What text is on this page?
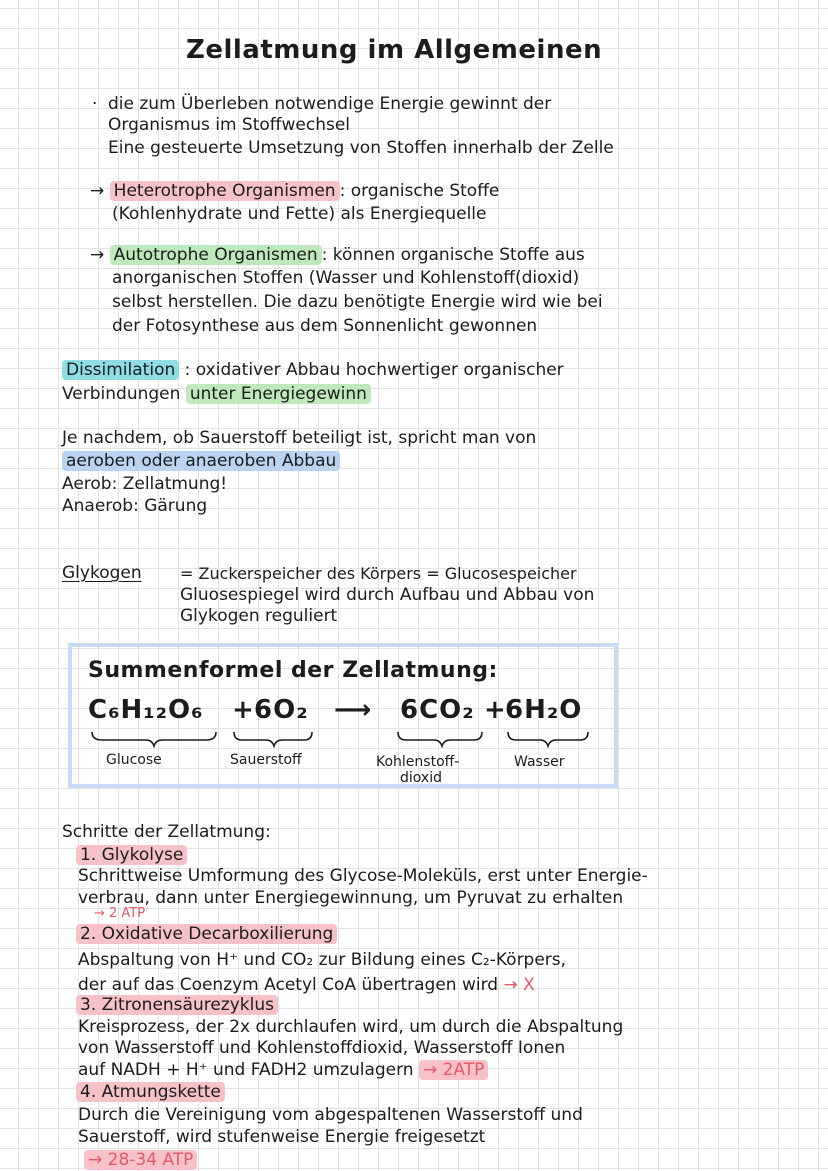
Zellatmung im Allgemeinen
· die zum Überleben notwendige Energie gewinnt der
Organismus im Stoffwechsel
Eine gesteuerte Umsetzung von Stoffen innerhalb der Zelle
→ Heterotrophe Organismen : organische Stoffe
(Kohlenhydrate und Fette) als Energiequelle
→ Autotrophe Organismen : können organische Stoffe aus
anorganischen Stoffen (Wasser und Kohlenstoff(dioxid)
selbst herstellen. Die dazu benötigte Energie wird wie bei
der Fotosynthese aus dem Sonnenlicht gewonnen
Dissimilation : oxidativer Abbau hochwertiger organischer
Verbindungen unter Energiegewinn
Je nachdem, ob Sauerstoff beteiligt ist, spricht man von
aeroben oder anaeroben Abbau
Aerob: Zellatmung!
Anaerob: Gärung
Glykogen = Zuckerspeicher des Körpers = Glucosespeicher
Gluosespiegel wird durch Aufbau und Abbau von
Glykogen reguliert
Summenformel der Zellatmung:
C₆H₁₂O₆ + 6O₂ ⟶ 6CO₂ +
6H₂O
Glucose	Sauerstoff	Kohlenstoff-
dioxid
Wasser
Schritte der Zellatmung:
1. Glykolyse
Schrittweise Umformung des Glycose-Moleküls, erst unter Energie-
verbrau, dann unter Energiegewinnung, um Pyruvat zu erhalten
→ 2 ATP
2. Oxidative Decarboxilierung
Abspaltung von H⁺ und CO₂ zur Bildung eines C₂-Körpers,
der auf das Coenzym Acetyl CoA übertragen wird → X
3. Zitronensäurezyklus
Kreisprozess, der 2x durchlaufen wird, um durch die Abspaltung
von Wasserstoff und Kohlenstoffdioxid, Wasserstoff Ionen
auf NADH + H⁺ und FADH2 umzulagern → 2ATP
4. Atmungskette
Durch die Vereinigung vom abgespaltenen Wasserstoff und
Sauerstoff, wird stufenweise Energie freigesetzt
→ 28-34 ATP
